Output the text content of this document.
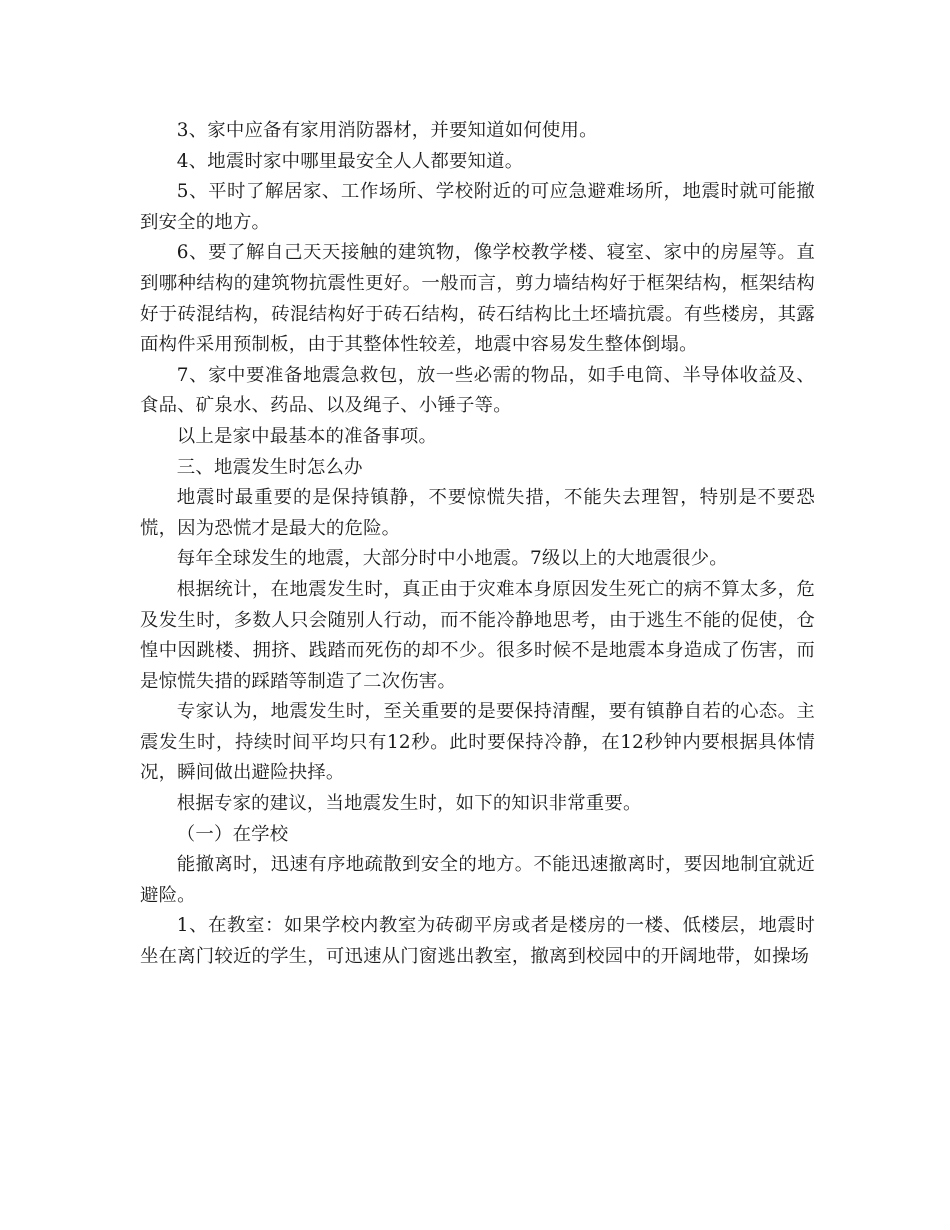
3、家中应备有家用消防器材，并要知道如何使用。

4、地震时家中哪里最安全人人都要知道。

5、平时了解居家、工作场所、学校附近的可应急避难场所，地震时就可能撤到安全的地方。

6、要了解自己天天接触的建筑物，像学校教学楼、寝室、家中的房屋等。直到哪种结构的建筑物抗震性更好。一般而言，剪力墙结构好于框架结构，框架结构好于砖混结构，砖混结构好于砖石结构，砖石结构比土坯墙抗震。有些楼房，其露面构件采用预制板，由于其整体性较差，地震中容易发生整体倒塌。

7、家中要准备地震急救包，放一些必需的物品，如手电筒、半导体收益及、食品、矿泉水、药品、以及绳子、小锤子等。

以上是家中最基本的准备事项。

三、地震发生时怎么办

地震时最重要的是保持镇静，不要惊慌失措，不能失去理智，特别是不要恐慌，因为恐慌才是最大的危险。

每年全球发生的地震，大部分时中小地震。7级以上的大地震很少。

根据统计，在地震发生时，真正由于灾难本身原因发生死亡的病不算太多，危及发生时，多数人只会随别人行动，而不能冷静地思考，由于逃生不能的促使，仓惶中因跳楼、拥挤、践踏而死伤的却不少。很多时候不是地震本身造成了伤害，而是惊慌失措的踩踏等制造了二次伤害。

专家认为，地震发生时，至关重要的是要保持清醒，要有镇静自若的心态。主震发生时，持续时间平均只有12秒。此时要保持冷静，在12秒钟内要根据具体情况，瞬间做出避险抉择。

根据专家的建议，当地震发生时，如下的知识非常重要。

（一）在学校

能撤离时，迅速有序地疏散到安全的地方。不能迅速撤离时，要因地制宜就近避险。

1、在教室：如果学校内教室为砖砌平房或者是楼房的一楼、低楼层，地震时坐在离门较近的学生，可迅速从门窗逃出教室，撤离到校园中的开阔地带，如操场
